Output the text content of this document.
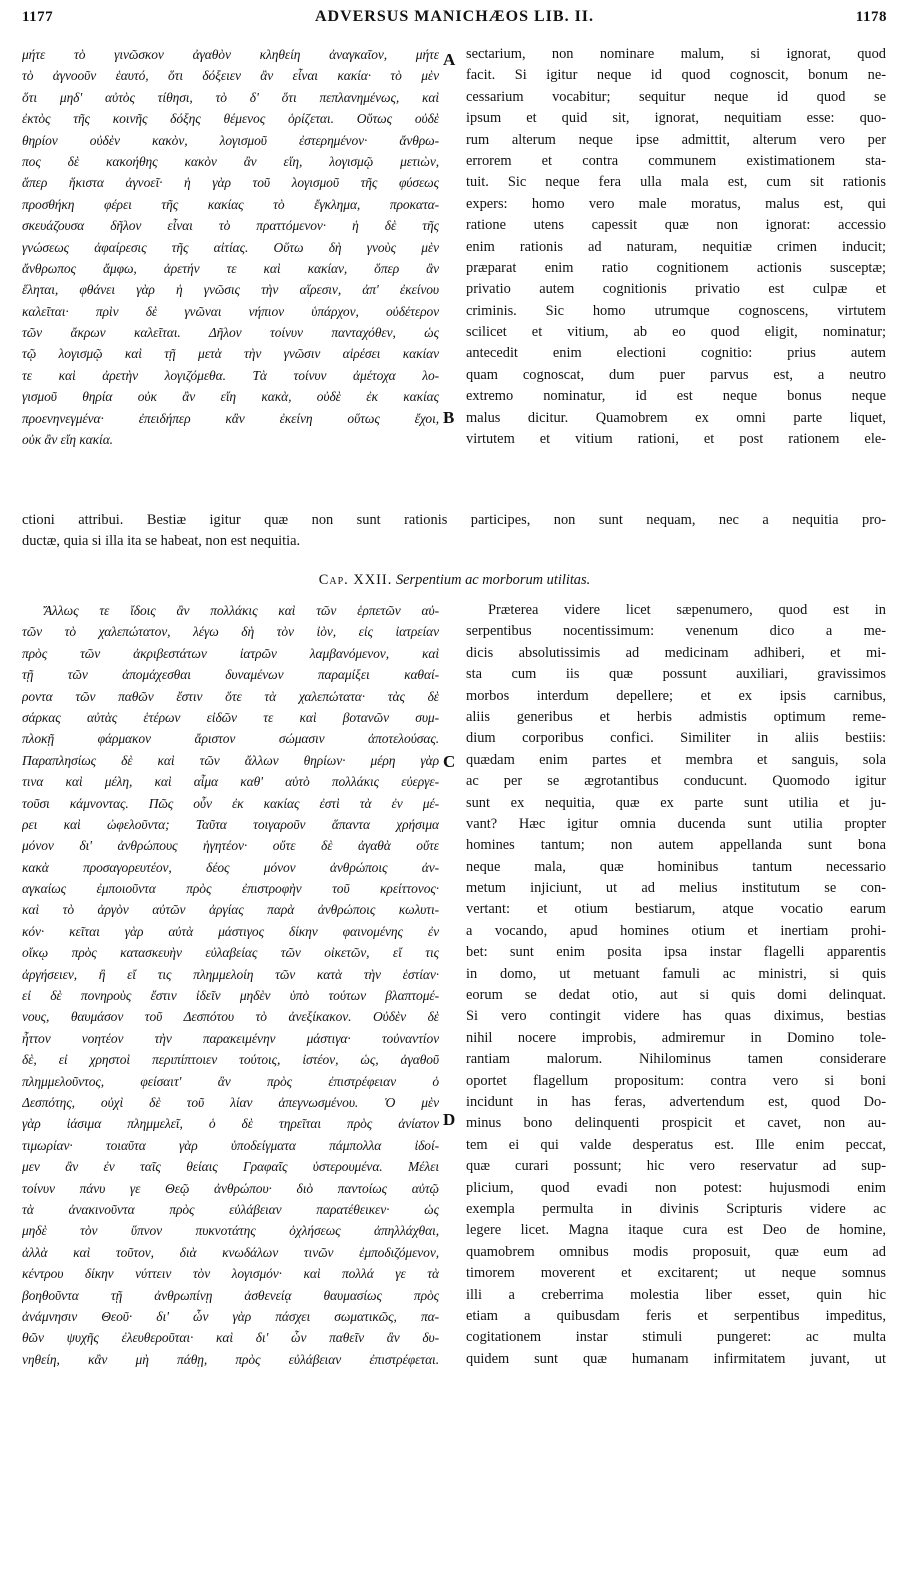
1177	ADVERSUS MANICHÆOS LIB. II.	1178
μήτε τὸ γινῶσκον ἀγαθὸν κληθείη ἀναγκαῖον, μήτε
τὸ ἀγνοοῦν ἑαυτό, ὅτι δόξειεν ἂν εἶναι κακία· τὸ μὲν
ὅτι μηδ' αὐτὸς τίθησι, τὸ δ' ὅτι πεπλανημένως, καὶ
ἐκτὸς τῆς κοινῆς δόξης θέμενος ὁρίζεται. Οὕτως οὐδὲ
θηρίον οὐδὲν κακὸν, λογισμοῦ ἐστερημένον· ἄνθρω-
πος δὲ κακοήθης κακὸν ἂν εἴη, λογισμῷ μετιὼν,
ἅπερ ἥκιστα ἀγνοεῖ· ἡ γὰρ τοῦ λογισμοῦ τῆς φύσεως
προσθήκη φέρει τῆς κακίας τὸ ἔγκλημα, προκατα-
σκευάζουσα δῆλον εἶναι τὸ πραττόμενον· ἡ δὲ τῆς
γνώσεως ἀφαίρεσις τῆς αἰτίας. Οὕτω δὴ γνοὺς μὲν
ἄνθρωπος ἄμφω, ἀρετήν τε καὶ κακίαν, ὅπερ ἂν
ἕληται, φθάνει γὰρ ἡ γνῶσις τὴν αἵρεσιν, ἀπ' ἐκείνου
καλεῖται· πρὶν δὲ γνῶναι νήπιον ὑπάρχον, οὐδέτερον
τῶν ἄκρων καλεῖται. Δῆλον τοίνυν πανταχόθεν, ὡς
τῷ λογισμῷ καὶ τῇ μετὰ τὴν γνῶσιν αἱρέσει κακίαν
τε καὶ ἀρετὴν λογιζόμεθα. Τὰ τοίνυν ἀμέτοχα λο-
γισμοῦ θηρία οὐκ ἂν εἴη κακὰ, οὐδὲ ἐκ κακίας
προενηνεγμένα· ἐπειδήπερ κἂν ἐκείνη οὕτως ἔχοι,
οὐκ ἂν εἴη κακία.
sectarium, non nominare malum, si ignorat, quod
facit. Si igitur neque id quod cognoscit, bonum ne-
cessarium vocabitur; sequitur neque id quod se
ipsum et quid sit, ignorat, nequitiam esse: quo-
rum alterum neque ipse admittit, alterum vero per
errorem et contra communem existimationem sta-
tuit. Sic neque fera ulla mala est, cum sit rationis
expers: homo vero male moratus, malus est, qui
ratione utens capessit quæ non ignorat: accessio
enim rationis ad naturam, nequitiæ crimen inducit;
præparat enim ratio cognitionem actionis susceptæ;
privatio autem cognitionis privatio est culpæ et
criminis. Sic homo utrumque cognoscens, virtutem
scilicet et vitium, ab eo quod eligit, nominatur;
antecedit enim electioni cognitio: prius autem
quam cognoscat, dum puer parvus est, a neutro
extremo nominatur, id est neque bonus neque
malus dicitur. Quamobrem ex omni parte liquet,
virtutem et vitium rationi, et post rationem ele-
A
B
ctioni attribui. Bestiæ igitur quæ non sunt rationis participes, non sunt nequam, nec a nequitia pro-
ductæ, quia si illa ita se habeat, non est nequitia.
Cap. XXII. Serpentium ac morborum utilitas.
Ἄλλως τε ἴδοις ἂν πολλάκις καὶ τῶν ἑρπετῶν αὐ-
τῶν τὸ χαλεπώτατον, λέγω δὴ τὸν ἰὸν, εἰς ἰατρείαν
πρὸς τῶν ἀκριβεστάτων ἰατρῶν λαμβανόμενον, καὶ
τῇ τῶν ἀπομάχεσθαι δυναμένων παραμίξει καθαί-
ροντα τῶν παθῶν ἔστιν ὅτε τὰ χαλεπώτατα· τὰς δὲ
σάρκας αὐτὰς ἑτέρων εἰδῶν τε καὶ βοτανῶν συμ-
πλοκῇ φάρμακον ἄριστον σώμασιν ἀποτελούσας.
Παραπλησίως δὲ καὶ τῶν ἄλλων θηρίων· μέρη γὰρ
τινα καὶ μέλη, καὶ αἷμα καθ' αὑτὸ πολλάκις εὐεργε-
τοῦσι κάμνοντας. Πῶς οὖν ἐκ κακίας ἐστὶ τὰ ἐν μέ-
ρει καὶ ὠφελοῦντα; Ταῦτα τοιγαροῦν ἅπαντα χρήσιμα
μόνον δι' ἀνθρώπους ἡγητέον· οὔτε δὲ ἀγαθὰ οὔτε
κακὰ προσαγορευτέον, δέος μόνον ἀνθρώποις ἀν-
αγκαίως ἐμποιοῦντα πρὸς ἐπιστροφὴν τοῦ κρείττονος·
καὶ τὸ ἀργὸν αὐτῶν ἀργίας παρὰ ἀνθρώποις κωλυτι-
κόν· κεῖται γὰρ αὐτὰ μάστιγος δίκην φαινομένης ἐν
οἴκῳ πρὸς κατασκευὴν εὐλαβείας τῶν οἰκετῶν, εἴ τις
ἀργήσειεν, ἢ εἴ τις πλημμελοίη τῶν κατὰ τὴν ἑστίαν·
εἰ δὲ πονηροὺς ἔστιν ἰδεῖν μηδὲν ὑπὸ τούτων βλαπτομέ-
νους, θαυμάσον τοῦ Δεσπότου τὸ ἀνεξίκακον. Οὐδὲν δὲ
ἧττον νοητέον τὴν παρακειμένην μάστιγα· τοὐναντίον
δὲ, εἰ χρηστοὶ περιπίπτοιεν τούτοις, ἰστέον, ὡς, ἀγαθοῦ
πλημμελοῦντος, φείσαιτ' ἂν πρὸς ἐπιστρέφειαν ὁ
Δεσπότης, οὐχὶ δὲ τοῦ λίαν ἀπεγνωσμένου. Ὁ μὲν
γὰρ ἰάσιμα πλημμελεῖ, ὁ δὲ τηρεῖται πρὸς ἀνίατον
τιμωρίαν· τοιαῦτα γὰρ ὑποδείγματα πάμπολλα ἰδοί-
μεν ἂν ἐν ταῖς θείαις Γραφαῖς ὑστερουμένα. Μέλει
τοίνυν πάνυ γε Θεῷ ἀνθρώπου· διὸ παντοίως αὐτῷ
τὰ ἀνακινοῦντα πρὸς εὐλάβειαν παρατέθεικεν· ὡς
μηδὲ τὸν ὕπνον πυκνοτάτης ὀχλήσεως ἀπηλλάχθαι,
ἀλλὰ καὶ τοῦτον, διὰ κνωδάλων τινῶν ἐμποδιζόμενον,
κέντρου δίκην νύττειν τὸν λογισμόν· καὶ πολλά γε τὰ
βοηθοῦντα τῇ ἀνθρωπίνῃ ἀσθενείᾳ θαυμασίως πρὸς
ἀνάμνησιν Θεοῦ· δι' ὧν γὰρ πάσχει σωματικῶς, πα-
θῶν ψυχῆς ἐλευθεροῦται· καὶ δι' ὧν παθεῖν ἂν δυ-
νηθείη, κἂν μὴ πάθῃ, πρὸς εὐλάβειαν ἐπιστρέφεται.
Præterea videre licet sæpenumero, quod est in
serpentibus nocentissimum: venenum dico a me-
dicis absolutissimis ad medicinam adhiberi, et mi-
sta cum iis quæ possunt auxiliari, gravissimos
morbos interdum depellere; et ex ipsis carnibus,
aliis generibus et herbis admistis optimum reme-
dium corporibus confici. Similiter in aliis bestiis:
quædam enim partes et membra et sanguis, sola
ac per se ægrotantibus conducunt. Quomodo igitur
sunt ex nequitia, quæ ex parte sunt utilia et ju-
vant? Hæc igitur omnia ducenda sunt utilia propter
homines tantum; non autem appellanda sunt bona
neque mala, quæ hominibus tantum necessario
metum injiciunt, ut ad melius institutum se con-
vertant: et otium bestiarum, atque vocatio earum
a vocando, apud homines otium et inertiam prohi-
bet: sunt enim posita ipsa instar flagelli apparentis
in domo, ut metuant famuli ac ministri, si quis
eorum se dedat otio, aut si quis domi delinquat.
Si vero contingit videre has quas diximus, bestias
nihil nocere improbis, admiremur in Domino tole-
rantiam malorum. Nihilominus tamen considerare
oportet flagellum propositum: contra vero si boni
incidunt in has feras, advertendum est, quod Do-
minus bono delinquenti prospicit et cavet, non au-
tem ei qui valde desperatus est. Ille enim peccat,
quæ curari possunt; hic vero reservatur ad sup-
plicium, quod evadi non potest: hujusmodi enim
exempla permulta in divinis Scripturis videre ac
legere licet. Magna itaque cura est Deo de homine,
quamobrem omnibus modis proposuit, quæ eum ad
timorem moverent et excitarent; ut neque somnus
illi a creberrima molestia liber esset, quin hic
etiam a quibusdam feris et serpentibus impeditus,
cogitationem instar stimuli pungeret: ac multa
quidem sunt quæ humanam infirmitatem juvant, ut
C
D
